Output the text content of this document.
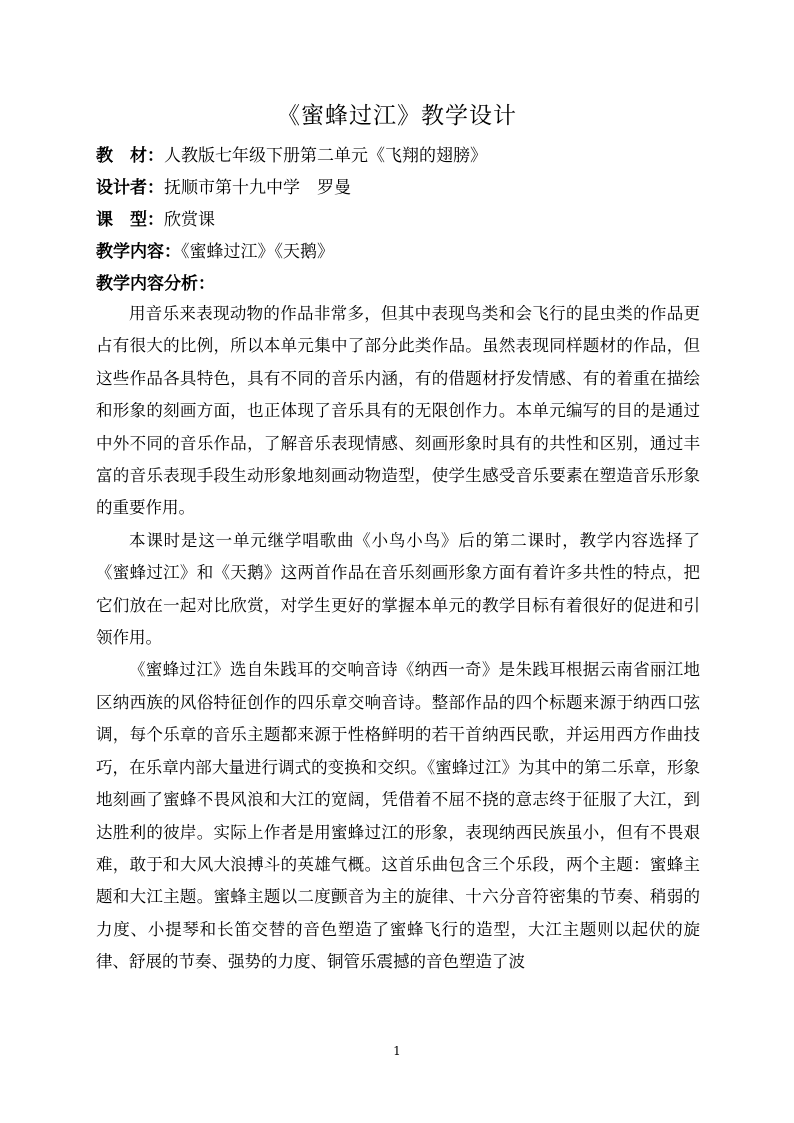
《蜜蜂过江》教学设计
教　材：人教版七年级下册第二单元《飞翔的翅膀》
设计者：抚顺市第十九中学　罗曼
课　型：欣赏课
教学内容：《蜜蜂过江》《天鹅》
教学内容分析：

用音乐来表现动物的作品非常多，但其中表现鸟类和会飞行的昆虫类的作品更占有很大的比例，所以本单元集中了部分此类作品。虽然表现同样题材的作品，但这些作品各具特色，具有不同的音乐内涵，有的借题材抒发情感、有的着重在描绘和形象的刻画方面，也正体现了音乐具有的无限创作力。本单元编写的目的是通过中外不同的音乐作品，了解音乐表现情感、刻画形象时具有的共性和区别，通过丰富的音乐表现手段生动形象地刻画动物造型，使学生感受音乐要素在塑造音乐形象的重要作用。

本课时是这一单元继学唱歌曲《小鸟小鸟》后的第二课时，教学内容选择了《蜜蜂过江》和《天鹅》这两首作品在音乐刻画形象方面有着许多共性的特点，把它们放在一起对比欣赏，对学生更好的掌握本单元的教学目标有着很好的促进和引领作用。

《蜜蜂过江》选自朱践耳的交响音诗《纳西一奇》是朱践耳根据云南省丽江地区纳西族的风俗特征创作的四乐章交响音诗。整部作品的四个标题来源于纳西口弦调，每个乐章的音乐主题都来源于性格鲜明的若干首纳西民歌，并运用西方作曲技巧，在乐章内部大量进行调式的变换和交织。《蜜蜂过江》为其中的第二乐章，形象地刻画了蜜蜂不畏风浪和大江的宽阔，凭借着不屈不挠的意志终于征服了大江，到达胜利的彼岸。实际上作者是用蜜蜂过江的形象，表现纳西民族虽小，但有不畏艰难，敢于和大风大浪搏斗的英雄气概。这首乐曲包含三个乐段，两个主题：蜜蜂主题和大江主题。蜜蜂主题以二度颤音为主的旋律、十六分音符密集的节奏、稍弱的力度、小提琴和长笛交替的音色塑造了蜜蜂飞行的造型，大江主题则以起伏的旋律、舒展的节奏、强势的力度、铜管乐震撼的音色塑造了波

1
